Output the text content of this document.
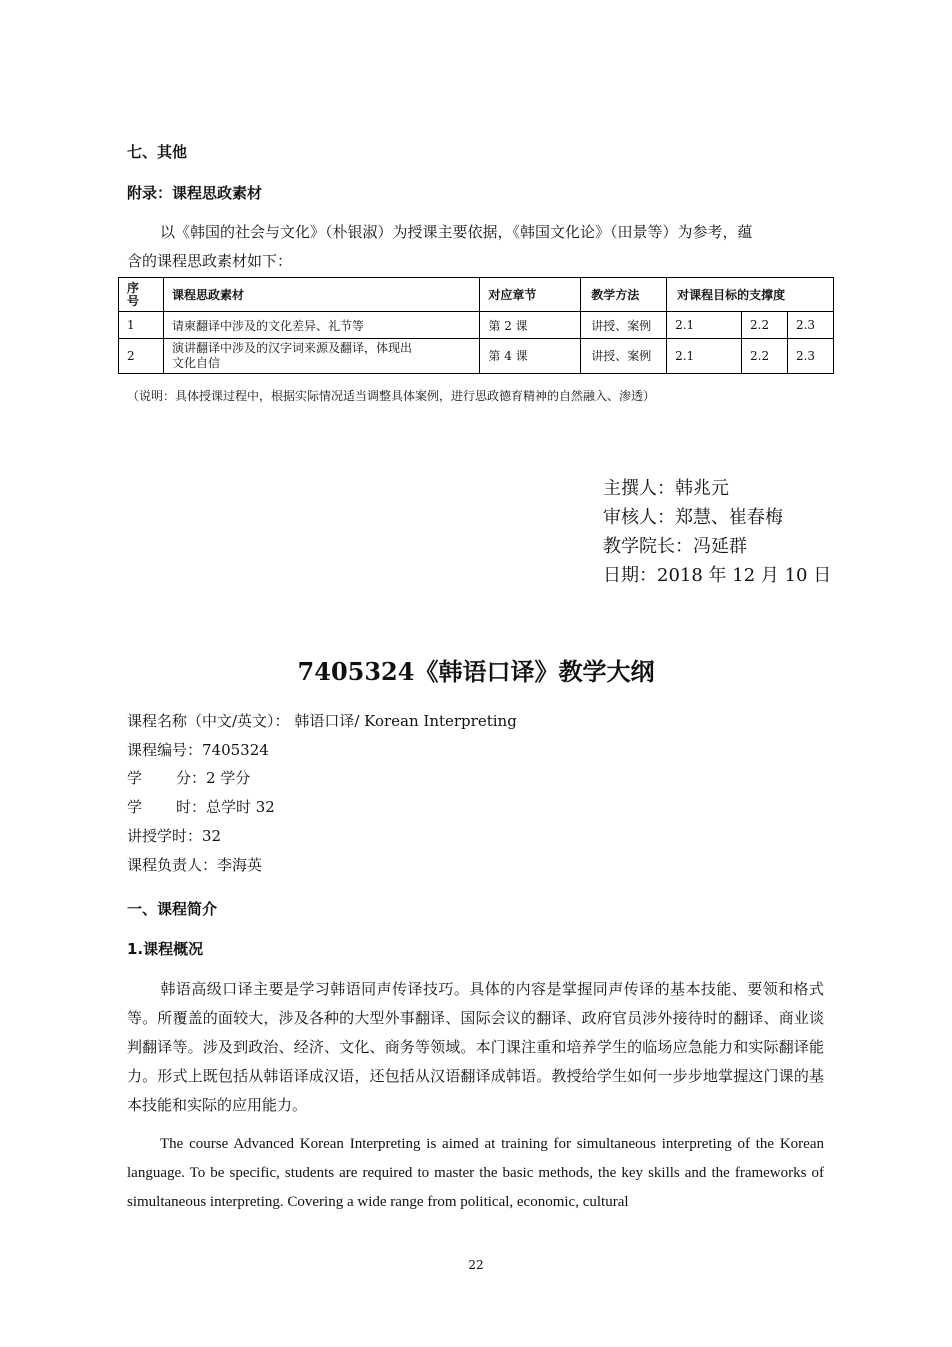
七、其他
附录：课程思政素材
以《韩国的社会与文化》（朴银淑）为授课主要依据，《韩国文化论》（田景等）为参考，蕴
含的课程思政素材如下：
序
号	课程思政素材	对应章节	教学方法	对课程目标的支撑度		
1	请柬翻译中涉及的文化差异、礼节等	第 2 课	讲授、案例	2.1	2.2	2.3
2	演讲翻译中涉及的汉字词来源及翻译，体现出
文化自信	第 4 课	讲授、案例	2.1	2.2	2.3
（说明：具体授课过程中，根据实际情况适当调整具体案例，进行思政德育精神的自然融入、渗透）
主撰人：韩兆元
审核人：郑慧、崔春梅
教学院长：冯延群
日期：2018 年 12 月 10 日
7405324《韩语口译》教学大纲
课程名称（中文/英文）： 韩语口译/ Korean Interpreting
课程编号：7405324
学 分：2 学分
学 时：总学时 32
讲授学时：32
课程负责人：李海英
一、课程简介
1.课程概况
韩语高级口译主要是学习韩语同声传译技巧。具体的内容是掌握同声传译的基本技能、要领和格式等。所覆盖的面较大，涉及各种的大型外事翻译、国际会议的翻译、政府官员涉外接待时的翻译、商业谈判翻译等。涉及到政治、经济、文化、商务等领域。本门课注重和培养学生的临场应急能力和实际翻译能力。形式上既包括从韩语译成汉语，还包括从汉语翻译成韩语。教授给学生如何一步步地掌握这门课的基本技能和实际的应用能力。
The course Advanced Korean Interpreting is aimed at training for simultaneous interpreting of the Korean language. To be specific, students are required to master the basic methods, the key skills and the frameworks of simultaneous interpreting. Covering a wide range from political, economic, cultural
22
